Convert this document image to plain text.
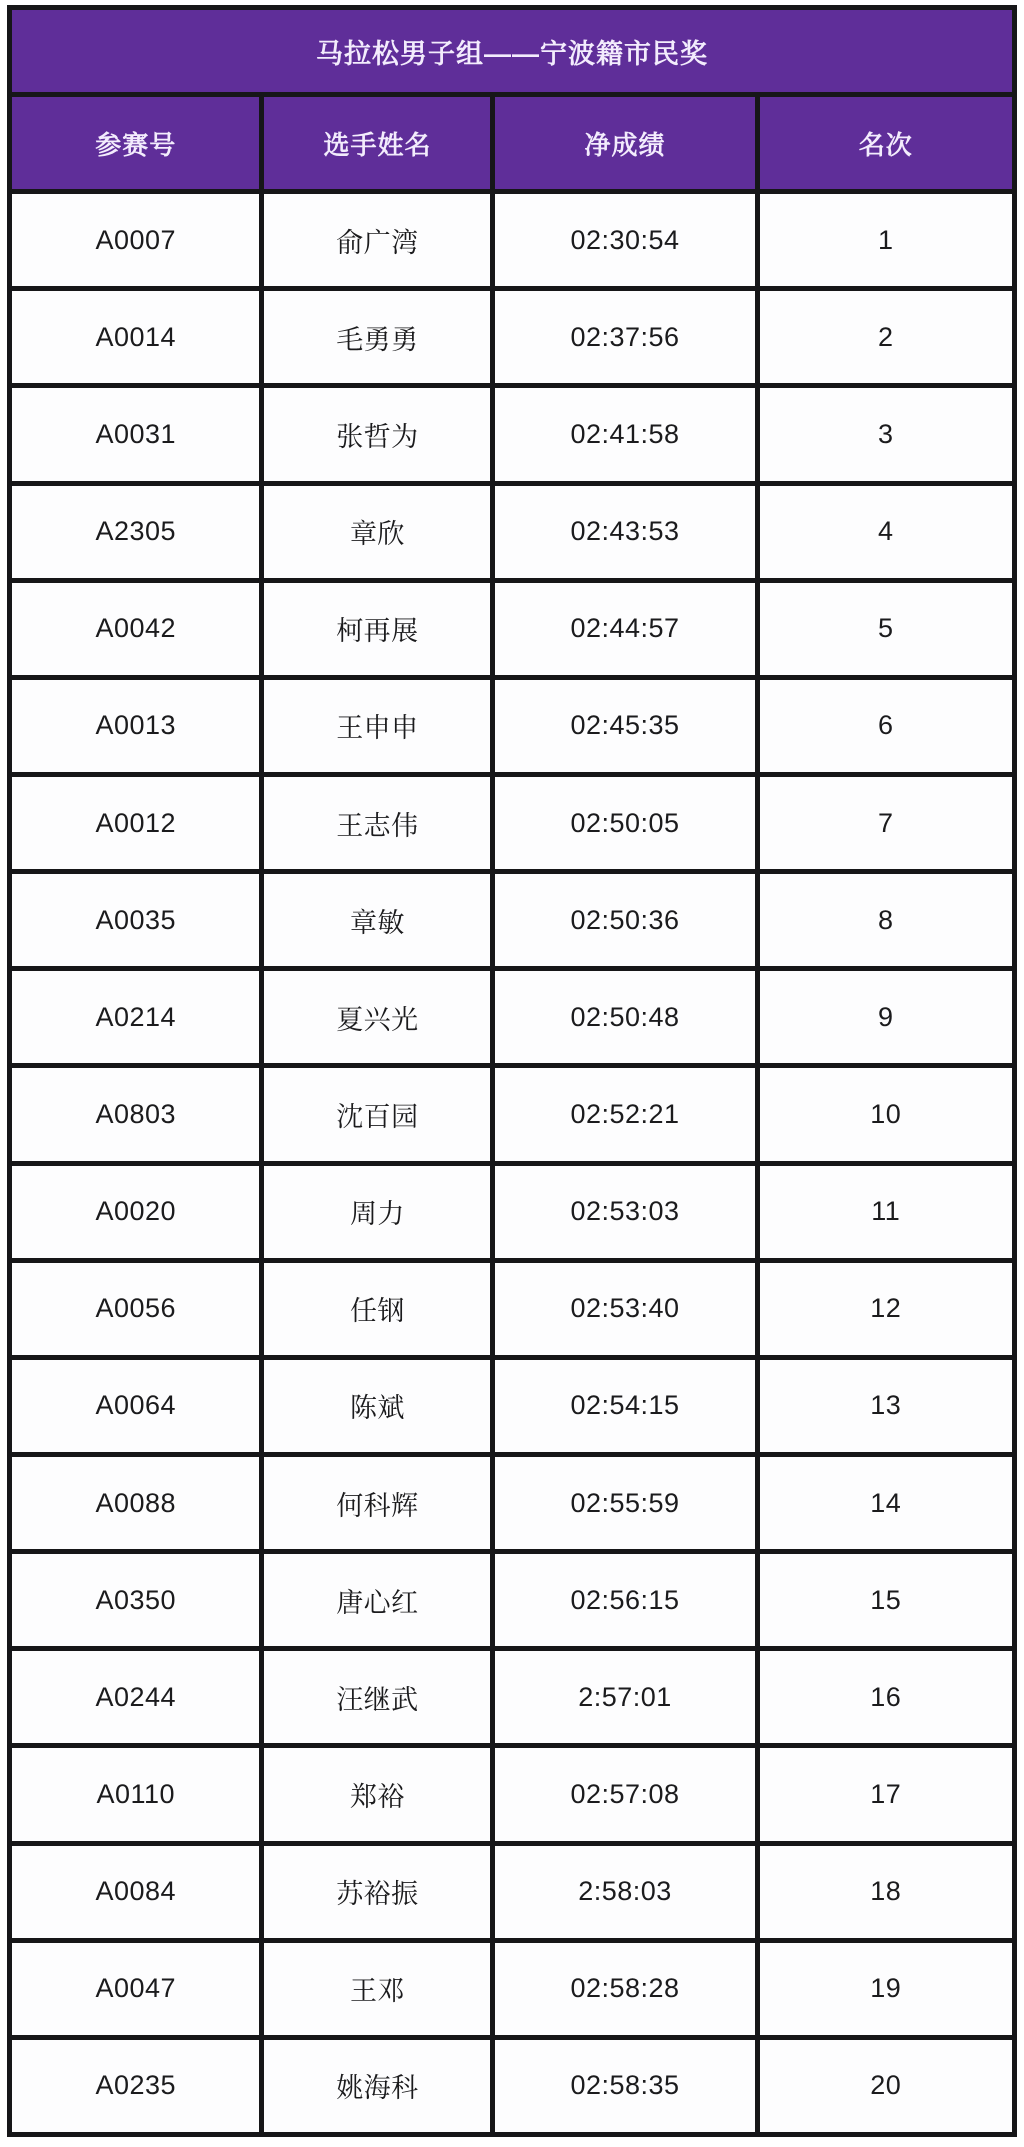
马拉松男子组——宁波籍市民奖
参赛号	选手姓名	净成绩	名次
A0007	俞广湾	02:30:54	1
A0014	毛勇勇	02:37:56	2
A0031	张哲为	02:41:58	3
A2305	章欣	02:43:53	4
A0042	柯再展	02:44:57	5
A0013	王申申	02:45:35	6
A0012	王志伟	02:50:05	7
A0035	章敏	02:50:36	8
A0214	夏兴光	02:50:48	9
A0803	沈百园	02:52:21	10
A0020	周力	02:53:03	11
A0056	任钢	02:53:40	12
A0064	陈斌	02:54:15	13
A0088	何科辉	02:55:59	14
A0350	唐心红	02:56:15	15
A0244	汪继武	2:57:01	16
A0110	郑裕	02:57:08	17
A0084	苏裕振	2:58:03	18
A0047	王邓	02:58:28	19
A0235	姚海科	02:58:35	20
